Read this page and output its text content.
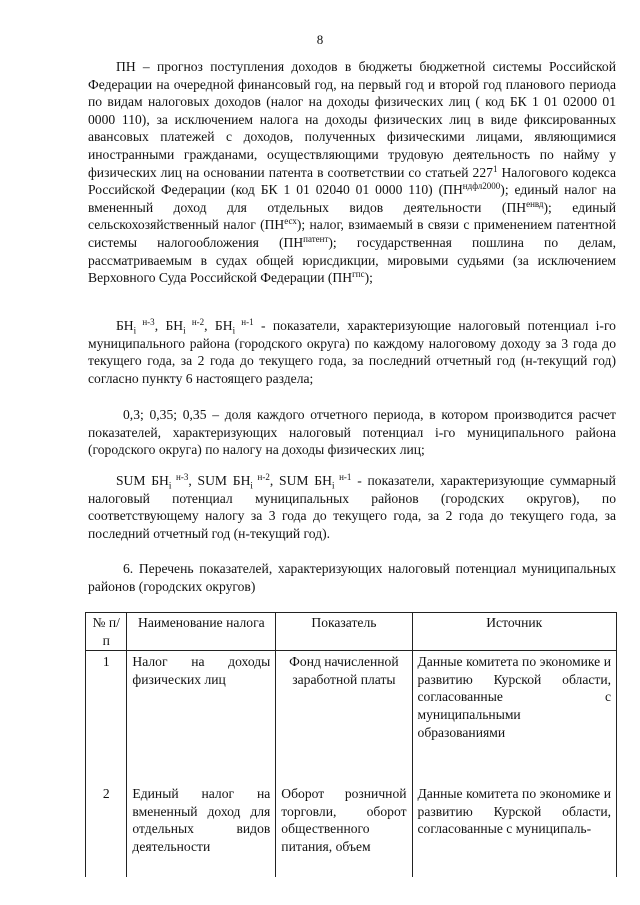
8

ПН – прогноз поступления доходов в бюджеты бюджетной системы Российской Федерации на очередной финансовый год, на первый год и второй год планового периода по видам налоговых доходов (налог на доходы физических лиц ( код БК 1 01 02000 01 0000 110), за исключением налога на доходы физических лиц в виде фиксированных авансовых платежей с доходов, полученных физическими лицами, являющимися иностранными гражданами, осуществляющими трудовую деятельность по найму у физических лиц на основании патента в соответствии со статьей $227^1$ Налогового кодекса Российской Федерации (код БК 1 01 02040 01 0000 110) $(ПН^{ндфл2000})$; единый налог на вмененный доход для отдельных видов деятельности $(ПН^{енвд})$; единый сельскохозяйственный налог $(ПН^{есх})$; налог, взимаемый в связи с применением патентной системы налогообложения $(ПН^{патент})$; государственная пошлина по делам, рассматриваемым в судах общей юрисдикции, мировыми судьями (за исключением Верховного Суда Российской Федерации $(ПН^{гпс})$;

$БН_i$ $^{н-3}$, $БН_i$ $^{н-2}$, $БН_i$ $^{н-1}$ - показатели, характеризующие налоговый потенциал i-го муниципального района (городского округа) по каждому налоговому доходу за 3 года до текущего года, за 2 года до текущего года, за последний отчетный год (н-текущий год) согласно пункту 6 настоящего раздела;

0,3; 0,35; 0,35 – доля каждого отчетного периода, в котором производится расчет показателей, характеризующих налоговый потенциал i-го муниципального района (городского округа) по налогу на доходы физических лиц;

SUM $БН_i$ $^{н-3}$, SUM $БН_i$ $^{н-2}$, SUM $БН_i$ $^{н-1}$ - показатели, характеризующие суммарный налоговый потенциал муниципальных районов (городских округов), по соответствующему налогу за 3 года до текущего года, за 2 года до текущего года, за последний отчетный год (н-текущий год).

6. Перечень показателей, характеризующих налоговый потенциал муниципальных районов (городских округов)

№ п/п	Наименование налога	Показатель	Источник
1	Налог на доходы физических лиц	Фонд начисленной заработной платы	Данные комитета по экономике и развитию Курской области, согласованные с муниципальными образованиями
2	Единый налог на вмененный доход для отдельных видов деятельности	Оборот розничной торговли, оборот общественного питания, объем	Данные комитета по экономике и развитию Курской области, согласованные с муниципаль-
